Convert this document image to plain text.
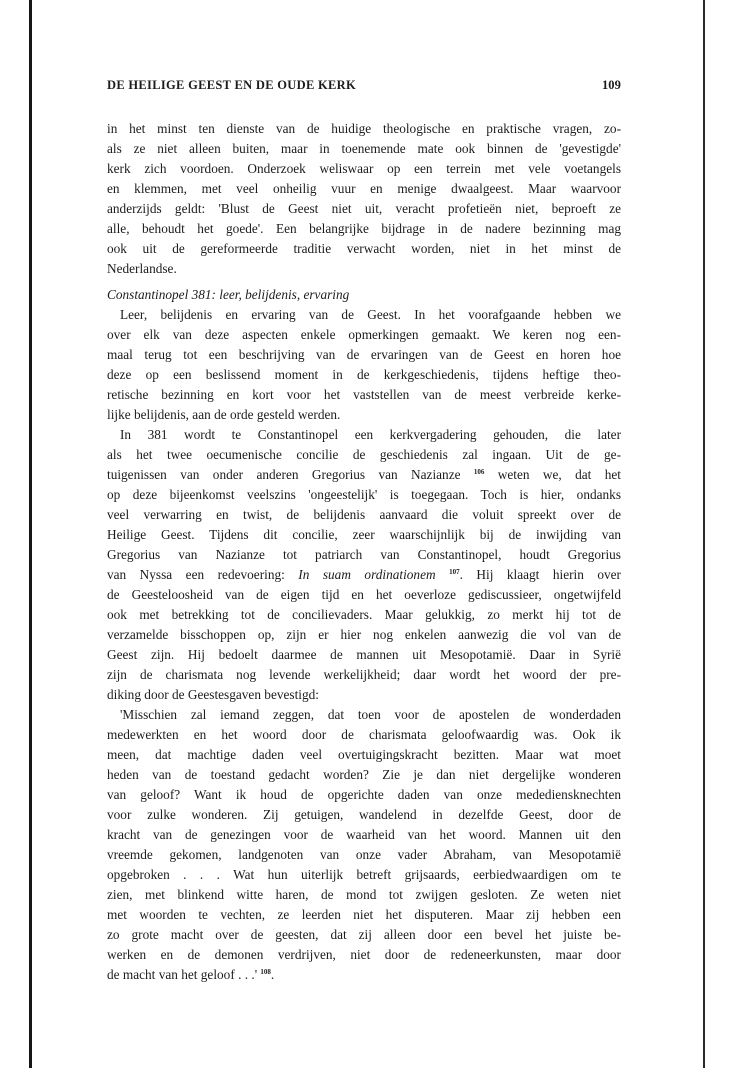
DE HEILIGE GEEST EN DE OUDE KERK	109
in het minst ten dienste van de huidige theologische en praktische vragen, zo-
als ze niet alleen buiten, maar in toenemende mate ook binnen de 'gevestigde'
kerk zich voordoen. Onderzoek weliswaar op een terrein met vele voetangels
en klemmen, met veel onheilig vuur en menige dwaalgeest. Maar waarvoor
anderzijds geldt: 'Blust de Geest niet uit, veracht profetieën niet, beproeft ze
alle, behoudt het goede'. Een belangrijke bijdrage in de nadere bezinning mag
ook uit de gereformeerde traditie verwacht worden, niet in het minst de
Nederlandse.
Constantinopel 381: leer, belijdenis, ervaring
Leer, belijdenis en ervaring van de Geest. In het voorafgaande hebben we
over elk van deze aspecten enkele opmerkingen gemaakt. We keren nog een-
maal terug tot een beschrijving van de ervaringen van de Geest en horen hoe
deze op een beslissend moment in de kerkgeschiedenis, tijdens heftige theo-
retische bezinning en kort voor het vaststellen van de meest verbreide kerke-
lijke belijdenis, aan de orde gesteld werden.
In 381 wordt te Constantinopel een kerkvergadering gehouden, die later
als het twee oecumenische concilie de geschiedenis zal ingaan. Uit de ge-
tuigenissen van onder anderen Gregorius van Nazianze $^{106}$ weten we, dat het
op deze bijeenkomst veelszins 'ongeestelijk' is toegegaan. Toch is hier, ondanks
veel verwarring en twist, de belijdenis aanvaard die voluit spreekt over de
Heilige Geest. Tijdens dit concilie, zeer waarschijnlijk bij de inwijding van
Gregorius van Nazianze tot patriarch van Constantinopel, houdt Gregorius
van Nyssa een redevoering: In suam ordinationem $^{107}$. Hij klaagt hierin over
de Geesteloosheid van de eigen tijd en het oeverloze gediscussieer, ongetwijfeld
ook met betrekking tot de concilievaders. Maar gelukkig, zo merkt hij tot de
verzamelde bisschoppen op, zijn er hier nog enkelen aanwezig die vol van de
Geest zijn. Hij bedoelt daarmee de mannen uit Mesopotamië. Daar in Syrië
zijn de charismata nog levende werkelijkheid; daar wordt het woord der pre-
diking door de Geestesgaven bevestigd:
'Misschien zal iemand zeggen, dat toen voor de apostelen de wonderdaden
medewerkten en het woord door de charismata geloofwaardig was. Ook ik
meen, dat machtige daden veel overtuigingskracht bezitten. Maar wat moet
heden van de toestand gedacht worden? Zie je dan niet dergelijke wonderen
van geloof? Want ik houd de opgerichte daden van onze medediensknechten
voor zulke wonderen. Zij getuigen, wandelend in dezelfde Geest, door de
kracht van de genezingen voor de waarheid van het woord. Mannen uit den
vreemde gekomen, landgenoten van onze vader Abraham, van Mesopotamië
opgebroken . . . Wat hun uiterlijk betreft grijsaards, eerbiedwaardigen om te
zien, met blinkend witte haren, de mond tot zwijgen gesloten. Ze weten niet
met woorden te vechten, ze leerden niet het disputeren. Maar zij hebben een
zo grote macht over de geesten, dat zij alleen door een bevel het juiste be-
werken en de demonen verdrijven, niet door de redeneerkunsten, maar door
de macht van het geloof . . .' $^{108}$.
